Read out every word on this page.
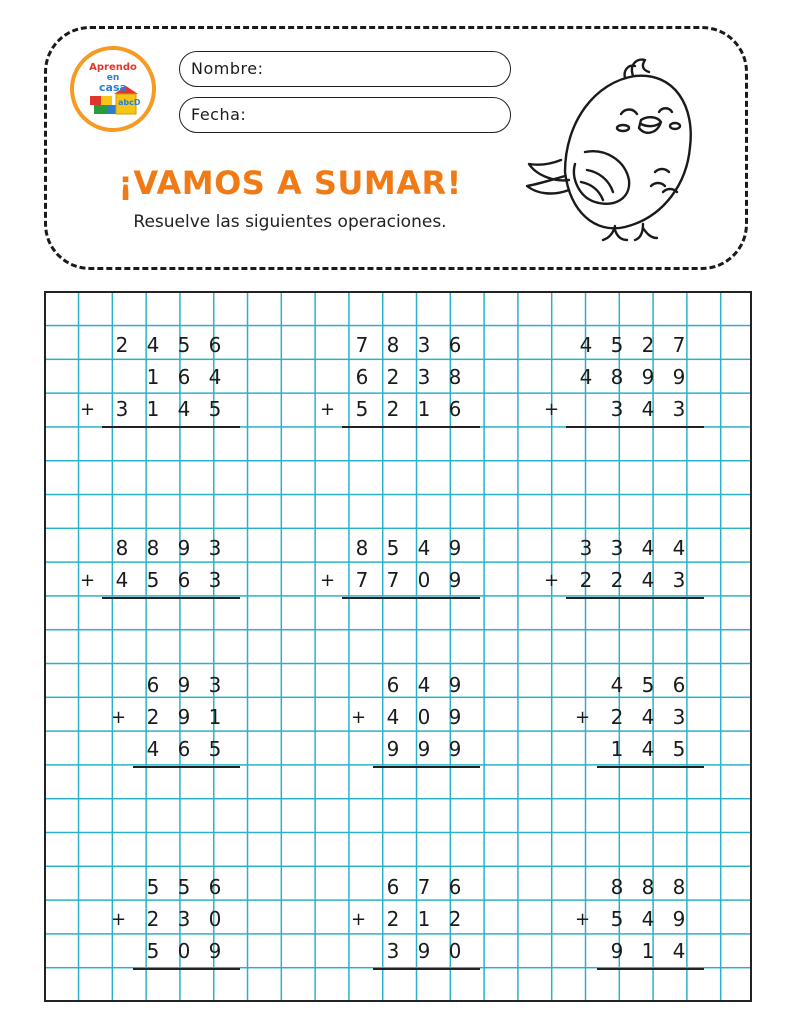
Aprendo
en
casa
abcD
Nombre:
Fecha:
¡VAMOS A SUMAR!
Resuelve las siguientes operaciones.
2 4 5 6
1 6 4
3 1 4 5
+
7 8 3 6
6 2 3 8
5 2 1 6
+
4 5 2 7
4 8 9 9
3 4 3
+
8 8 9 3
4 5 6 3
+
8 5 4 9
7 7 0 9
+
3 3 4 4
2 2 4 3
+
6 9 3
2 9 1
4 6 5
+
6 4 9
4 0 9
9 9 9
+
4 5 6
2 4 3
1 4 5
+
5 5 6
2 3 0
5 0 9
+
6 7 6
2 1 2
3 9 0
+
8 8 8
5 4 9
9 1 4
+
